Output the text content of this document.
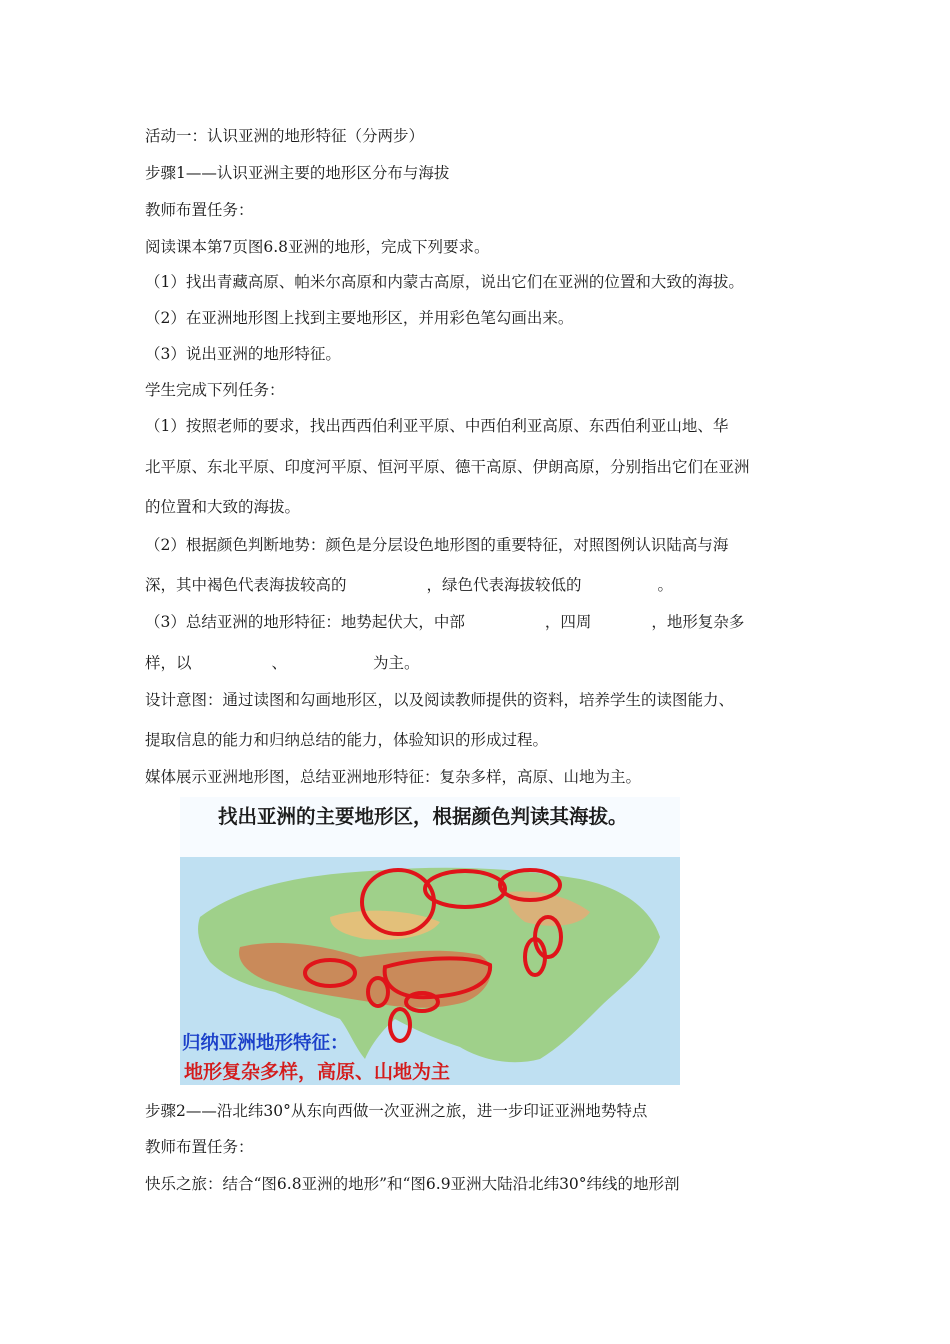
活动一：认识亚洲的地形特征（分两步）
步骤1——认识亚洲主要的地形区分布与海拔
教师布置任务：
阅读课本第7页图6.8亚洲的地形，完成下列要求。
（1）找出青藏高原、帕米尔高原和内蒙古高原，说出它们在亚洲的位置和大致的海拔。
（2）在亚洲地形图上找到主要地形区，并用彩色笔勾画出来。
（3）说出亚洲的地形特征。
学生完成下列任务：
（1）按照老师的要求，找出西西伯利亚平原、中西伯利亚高原、东西伯利亚山地、华
北平原、东北平原、印度河平原、恒河平原、德干高原、伊朗高原，分别指出它们在亚洲
的位置和大致的海拔。
（2）根据颜色判断地势：颜色是分层设色地形图的重要特征，对照图例认识陆高与海
深，其中褐色代表海拔较高的	，绿色代表海拔较低的	。
（3）总结亚洲的地形特征：地势起伏大，中部	，四周	，地形复杂多
样，以	、	为主。
设计意图：通过读图和勾画地形区，以及阅读教师提供的资料，培养学生的读图能力、
提取信息的能力和归纳总结的能力，体验知识的形成过程。
媒体展示亚洲地形图，总结亚洲地形特征：复杂多样，高原、山地为主。
找出亚洲的主要地形区，根据颜色判读其海拔。
归纳亚洲地形特征：
地形复杂多样，高原、山地为主
步骤2——沿北纬30°从东向西做一次亚洲之旅，进一步印证亚洲地势特点
教师布置任务：
快乐之旅：结合“图6.8亚洲的地形”和“图6.9亚洲大陆沿北纬30°纬线的地形剖
